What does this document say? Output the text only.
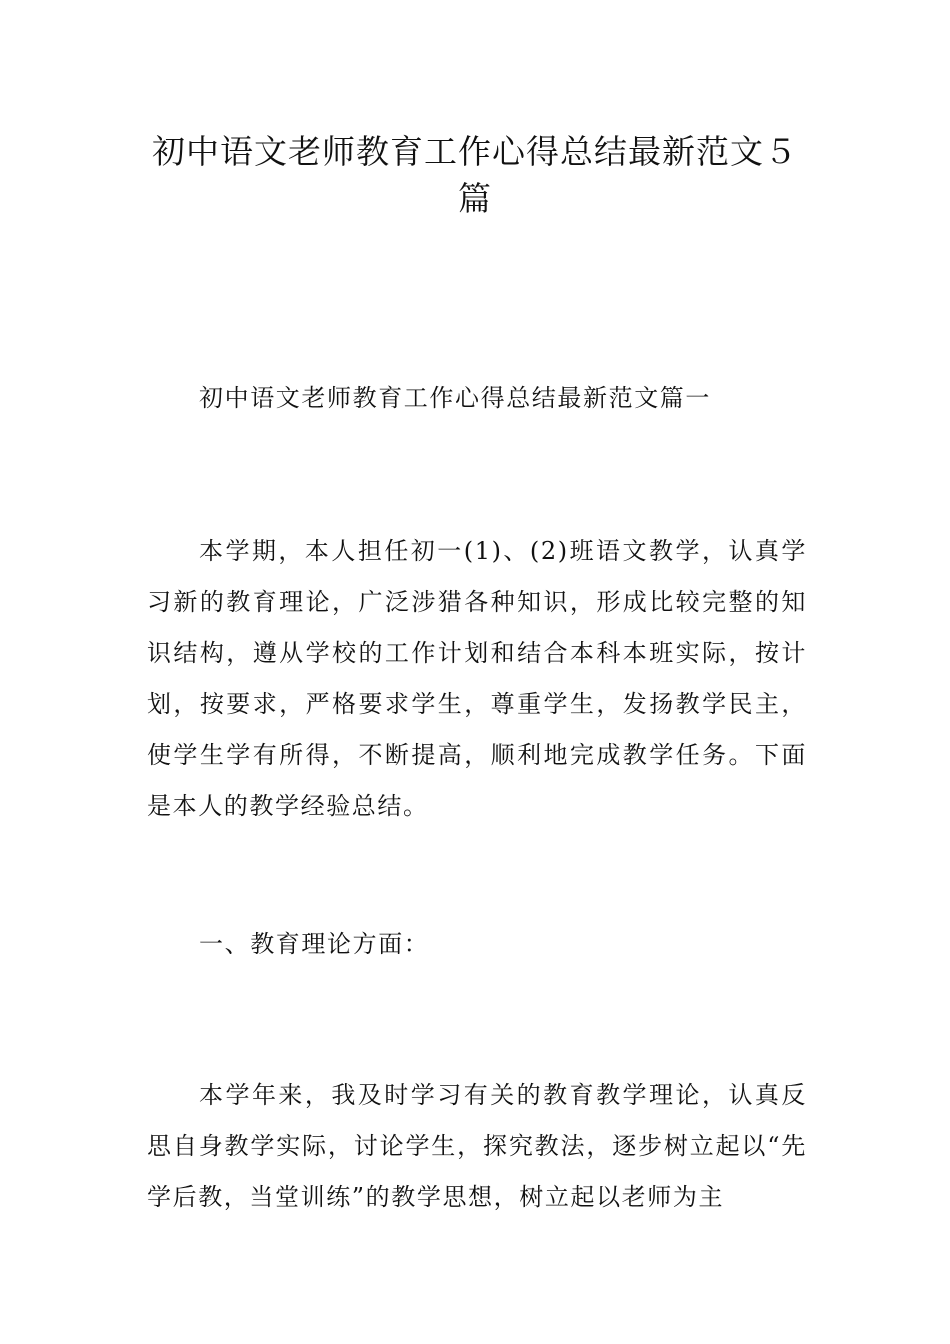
初中语文老师教育工作心得总结最新范文５
篇

初中语文老师教育工作心得总结最新范文篇一

本学期，本人担任初一(1)、(2)班语文教学，认真学习新的教育理论，广泛涉猎各种知识，形成比较完整的知识结构，遵从学校的工作计划和结合本科本班实际，按计划，按要求，严格要求学生，尊重学生，发扬教学民主，使学生学有所得，不断提高，顺利地完成教学任务。下面是本人的教学经验总结。

一、教育理论方面：

本学年来，我及时学习有关的教育教学理论，认真反思自身教学实际，讨论学生，探究教法，逐步树立起以“先学后教，当堂训练”的教学思想，树立起以老师为主
